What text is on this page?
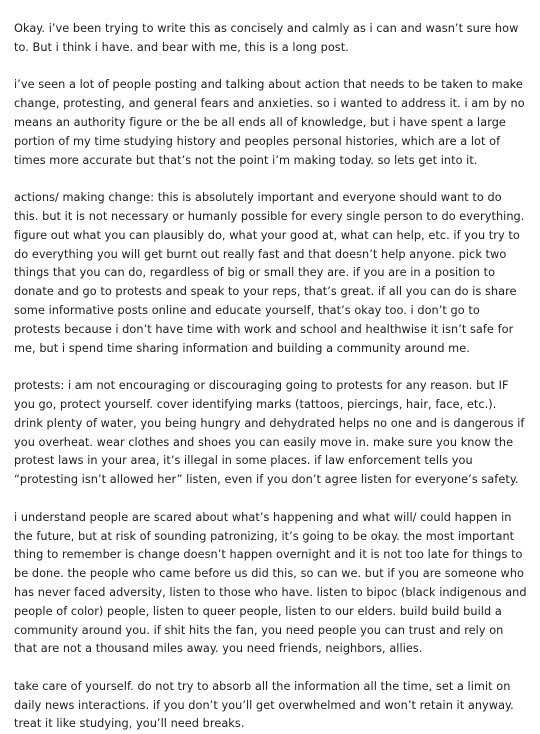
Okay. i’ve been trying to write this as concisely and calmly as i can and wasn’t sure how to. But i think i have. and bear with me, this is a long post.

i’ve seen a lot of people posting and talking about action that needs to be taken to make change, protesting, and general fears and anxieties. so i wanted to address it. i am by no means an authority figure or the be all ends all of knowledge, but i have spent a large portion of my time studying history and peoples personal histories, which are a lot of times more accurate but that’s not the point i’m making today. so lets get into it.

actions/ making change: this is absolutely important and everyone should want to do this. but it is not necessary or humanly possible for every single person to do everything. figure out what you can plausibly do, what your good at, what can help, etc. if you try to do everything you will get burnt out really fast and that doesn’t help anyone. pick two things that you can do, regardless of big or small they are. if you are in a position to donate and go to protests and speak to your reps, that’s great. if all you can do is share some informative posts online and educate yourself, that’s okay too. i don’t go to protests because i don’t have time with work and school and healthwise it isn’t safe for me, but i spend time sharing information and building a community around me.

protests: i am not encouraging or discouraging going to protests for any reason. but IF you go, protect yourself. cover identifying marks (tattoos, piercings, hair, face, etc.). drink plenty of water, you being hungry and dehydrated helps no one and is dangerous if you overheat. wear clothes and shoes you can easily move in. make sure you know the protest laws in your area, it’s illegal in some places. if law enforcement tells you “protesting isn’t allowed her” listen, even if you don’t agree listen for everyone’s safety.

i understand people are scared about what’s happening and what will/ could happen in the future, but at risk of sounding patronizing, it’s going to be okay. the most important thing to remember is change doesn’t happen overnight and it is not too late for things to be done. the people who came before us did this, so can we. but if you are someone who has never faced adversity, listen to those who have. listen to bipoc (black indigenous and people of color) people, listen to queer people, listen to our elders. build build build a community around you. if shit hits the fan, you need people you can trust and rely on that are not a thousand miles away. you need friends, neighbors, allies.

take care of yourself. do not try to absorb all the information all the time, set a limit on daily news interactions. if you don’t you’ll get overwhelmed and won’t retain it anyway. treat it like studying, you’ll need breaks.
